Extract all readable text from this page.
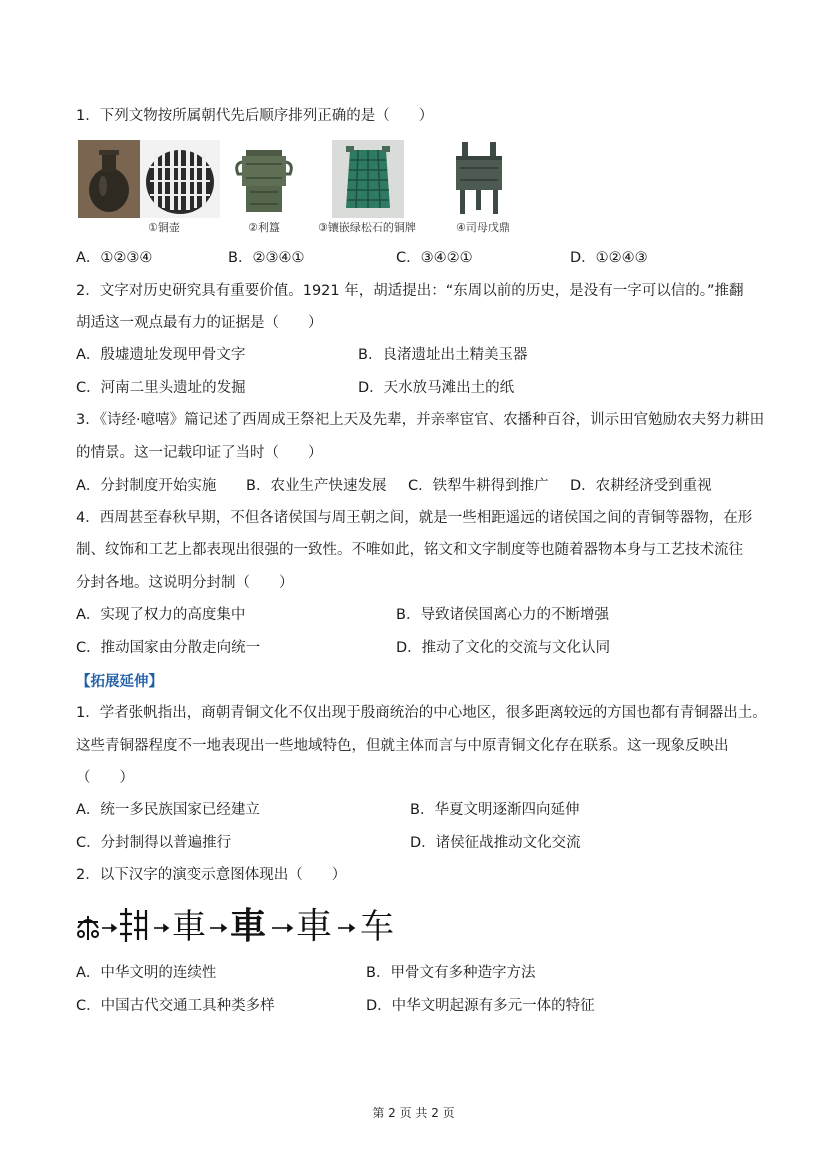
1．下列文物按所属朝代先后顺序排列正确的是（　　）
①铜壶	②利簋	③镶嵌绿松石的铜牌	④司母戊鼎
A．①②③④	B．②③④①	C．③④②①	D．①②④③
2．文字对历史研究具有重要价值。1921 年，胡适提出：“东周以前的历史，是没有一字可以信的。”推翻
胡适这一观点最有力的证据是（　　）
A．殷墟遗址发现甲骨文字	B．良渚遗址出土精美玉器
C．河南二里头遗址的发掘	D．天水放马滩出土的纸
3．《诗经·噫嘻》篇记述了西周成王祭祀上天及先辈，并亲率宦官、农播种百谷，训示田官勉励农夫努力耕田
的情景。这一记载印证了当时（　　）
A．分封制度开始实施 B．农业生产快速发展 C．铁犁牛耕得到推广 D．农耕经济受到重视
4．西周甚至春秋早期，不但各诸侯国与周王朝之间，就是一些相距遥远的诸侯国之间的青铜等器物，在形
制、纹饰和工艺上都表现出很强的一致性。不唯如此，铭文和文字制度等也随着器物本身与工艺技术流往
分封各地。这说明分封制（　　）
A．实现了权力的高度集中	B．导致诸侯国离心力的不断增强
C．推动国家由分散走向统一	D．推动了文化的交流与文化认同
【拓展延伸】
1．学者张帆指出，商朝青铜文化不仅出现于殷商统治的中心地区，很多距离较远的方国也都有青铜器出土。
这些青铜器程度不一地表现出一些地域特色，但就主体而言与中原青铜文化存在联系。这一现象反映出
（　　）
A．统一多民族国家已经建立	B．华夏文明逐渐四向延伸
C．分封制得以普遍推行	D．诸侯征战推动文化交流
2．以下汉字的演变示意图体现出（　　）
車 車 車 车
A．中华文明的连续性	B．甲骨文有多种造字方法
C．中国古代交通工具种类多样	D．中华文明起源有多元一体的特征
第 2 页 共 2 页
